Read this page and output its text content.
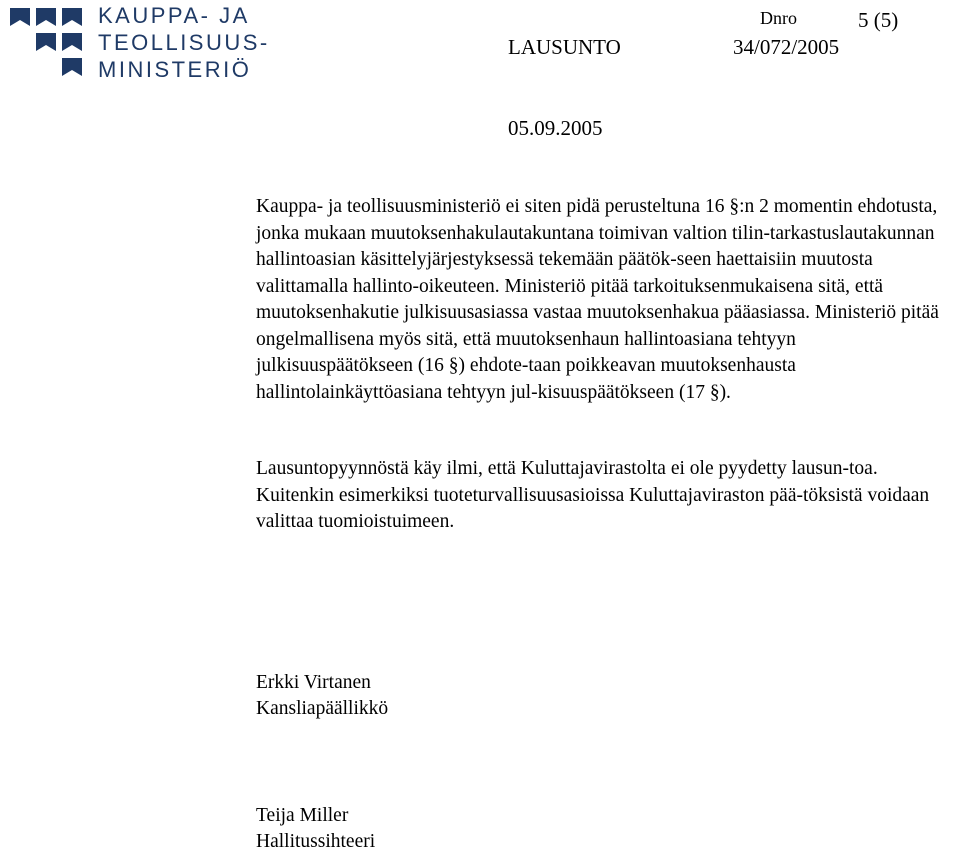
KAUPPA- JA
TEOLLISUUS-
MINISTERIÖ
Dnro	5 (5)
LAUSUNTO	34/072/2005
05.09.2005

Kauppa- ja teollisuusministeriö ei siten pidä perusteltuna 16 §:n 2 momentin ehdotusta, jonka mukaan muutoksenhakulautakuntana toimivan valtion tilin-tarkastuslautakunnan hallintoasian käsittelyjärjestyksessä tekemään päätök-seen haettaisiin muutosta valittamalla hallinto-oikeuteen. Ministeriö pitää tarkoituksenmukaisena sitä, että muutoksenhakutie julkisuusasiassa vastaa muutoksenhakua pääasiassa. Ministeriö pitää ongelmallisena myös sitä, että muutoksenhaun hallintoasiana tehtyyn julkisuuspäätökseen (16 §) ehdote-taan poikkeavan muutoksenhausta hallintolainkäyttöasiana tehtyyn jul-kisuuspäätökseen (17 §).

Lausuntopyynnöstä käy ilmi, että Kuluttajavirastolta ei ole pyydetty lausun-toa. Kuitenkin esimerkiksi tuoteturvallisuusasioissa Kuluttajaviraston pää-töksistä voidaan valittaa tuomioistuimeen.

Erkki Virtanen
Kansliapäällikkö
Teija Miller
Hallitussihteeri
